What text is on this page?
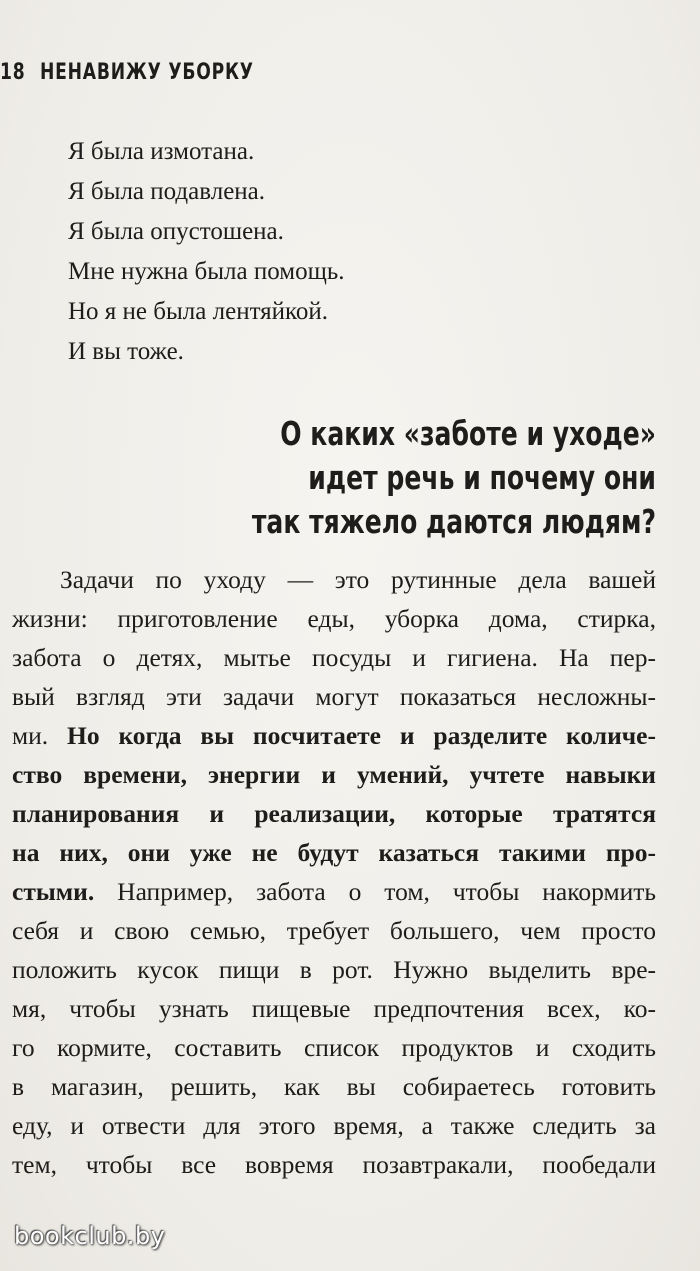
18 НЕНАВИЖУ УБОРКУ
Я была измотана.
Я была подавлена.
Я была опустошена.
Мне нужна была помощь.
Но я не была лентяйкой.
И вы тоже.
О каких «заботе и уходе»
идет речь и почему они
так тяжело даются людям?
Задачи по уходу — это рутинные дела вашей
жизни: приготовление еды, уборка дома, стирка,
забота о детях, мытье посуды и гигиена. На пер-
вый взгляд эти задачи могут показаться несложны-
ми. Но когда вы посчитаете и разделите количе-
ство времени, энергии и умений, учтете навыки
планирования и реализации, которые тратятся
на них, они уже не будут казаться такими про-
стыми. Например, забота о том, чтобы накормить
себя и свою семью, требует большего, чем просто
положить кусок пищи в рот. Нужно выделить вре-
мя, чтобы узнать пищевые предпочтения всех, ко-
го кормите, составить список продуктов и сходить
в магазин, решить, как вы собираетесь готовить
еду, и отвести для этого время, а также следить за
тем, чтобы все вовремя позавтракали, пообедали
bookclub.by
